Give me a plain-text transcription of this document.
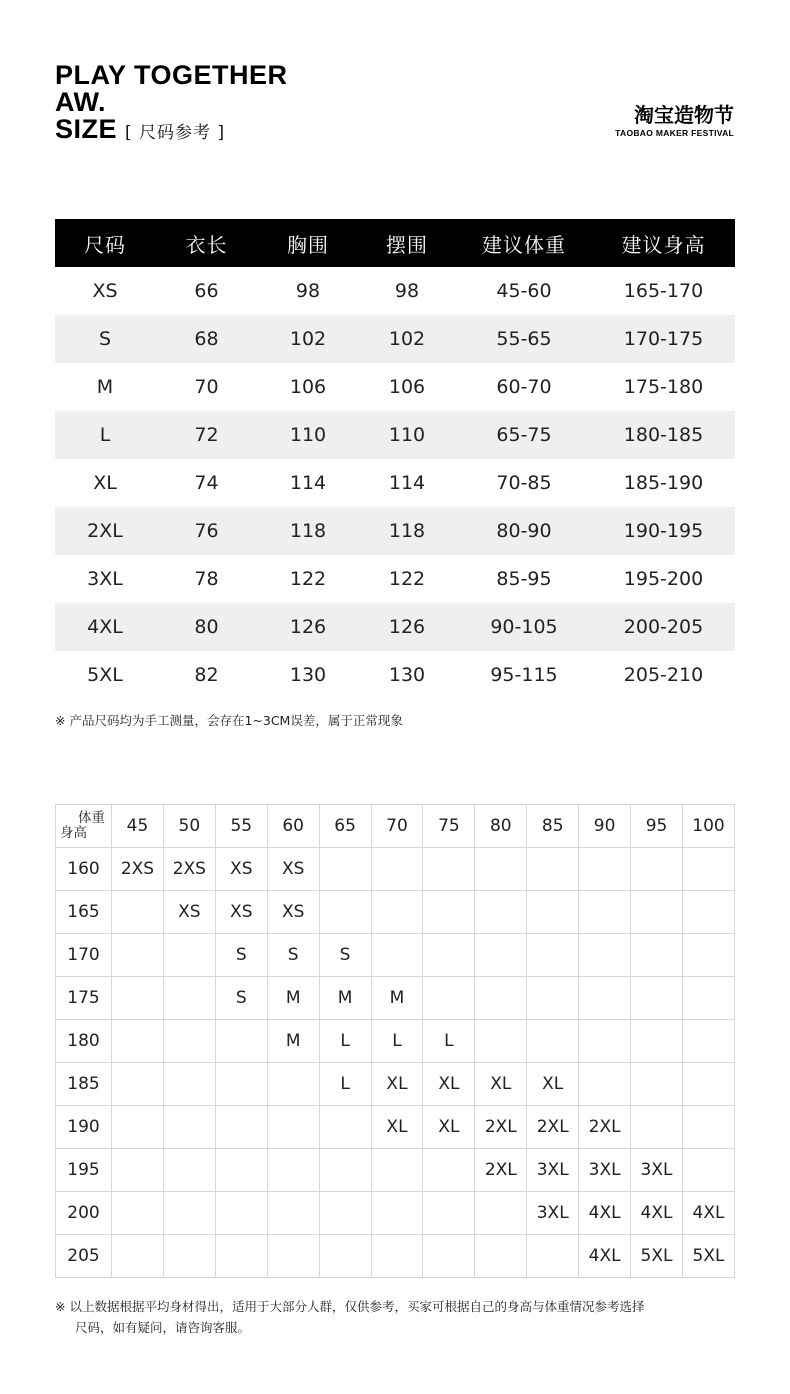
PLAY TOGETHER
AW.
SIZE [ 尺码参考 ]
淘宝造物节
TAOBAO MAKER FESTIVAL
尺码	衣长	胸围	摆围	建议体重	建议身高
XS	66	98	98	45-60	165-170
S	68	102	102	55-65	170-175
M	70	106	106	60-70	175-180
L	72	110	110	65-75	180-185
XL	74	114	114	70-85	185-190
2XL	76	118	118	80-90	190-195
3XL	78	122	122	85-95	195-200
4XL	80	126	126	90-105	200-205
5XL	82	130	130	95-115	205-210
※ 产品尺码均为手工测量，会存在1~3CM误差，属于正常现象
体重
身高	45	50	55	60	65	70	75	80	85	90	95	100
160	2XS	2XS	XS	XS								
165		XS	XS	XS								
170			S	S	S							
175			S	M	M	M						
180				M	L	L	L					
185					L	XL	XL	XL	XL			
190						XL	XL	2XL	2XL	2XL		
195								2XL	3XL	3XL	3XL	
200									3XL	4XL	4XL	4XL
205										4XL	5XL	5XL
※ 以上数据根据平均身材得出，适用于大部分人群，仅供参考，买家可根据自己的身高与体重情况参考选择
尺码，如有疑问，请咨询客服。
